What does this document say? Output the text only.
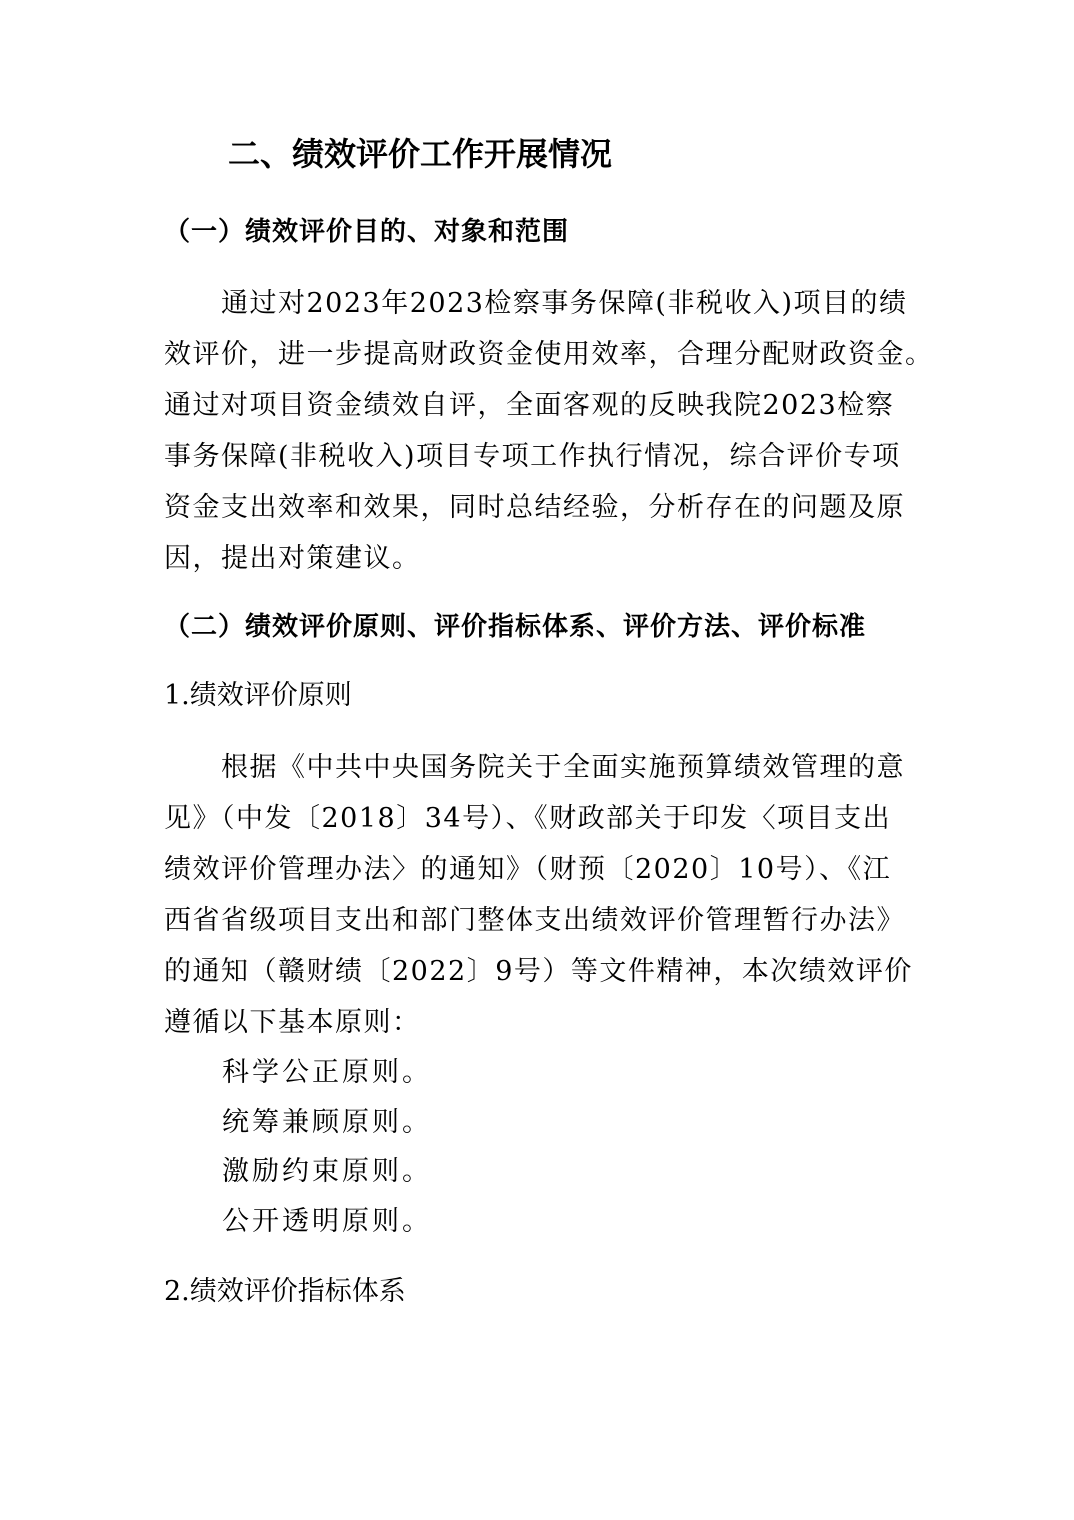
二、绩效评价工作开展情况
（一）绩效评价目的、对象和范围
　　通过对2023年2023检察事务保障(非税收入)项目的绩
效评价，进一步提高财政资金使用效率，合理分配财政资金。
通过对项目资金绩效自评，全面客观的反映我院2023检察
事务保障(非税收入)项目专项工作执行情况，综合评价专项
资金支出效率和效果，同时总结经验，分析存在的问题及原
因，提出对策建议。
（二）绩效评价原则、评价指标体系、评价方法、评价标准
1.绩效评价原则
　　根据《中共中央国务院关于全面实施预算绩效管理的意
见》（中发〔2018〕34号）、《财政部关于印发〈项目支出
绩效评价管理办法〉的通知》（财预〔2020〕10号）、《江
西省省级项目支出和部门整体支出绩效评价管理暂行办法》
的通知（赣财绩〔2022〕9号）等文件精神，本次绩效评价
遵循以下基本原则：
科学公正原则。
统筹兼顾原则。
激励约束原则。
公开透明原则。
2.绩效评价指标体系
